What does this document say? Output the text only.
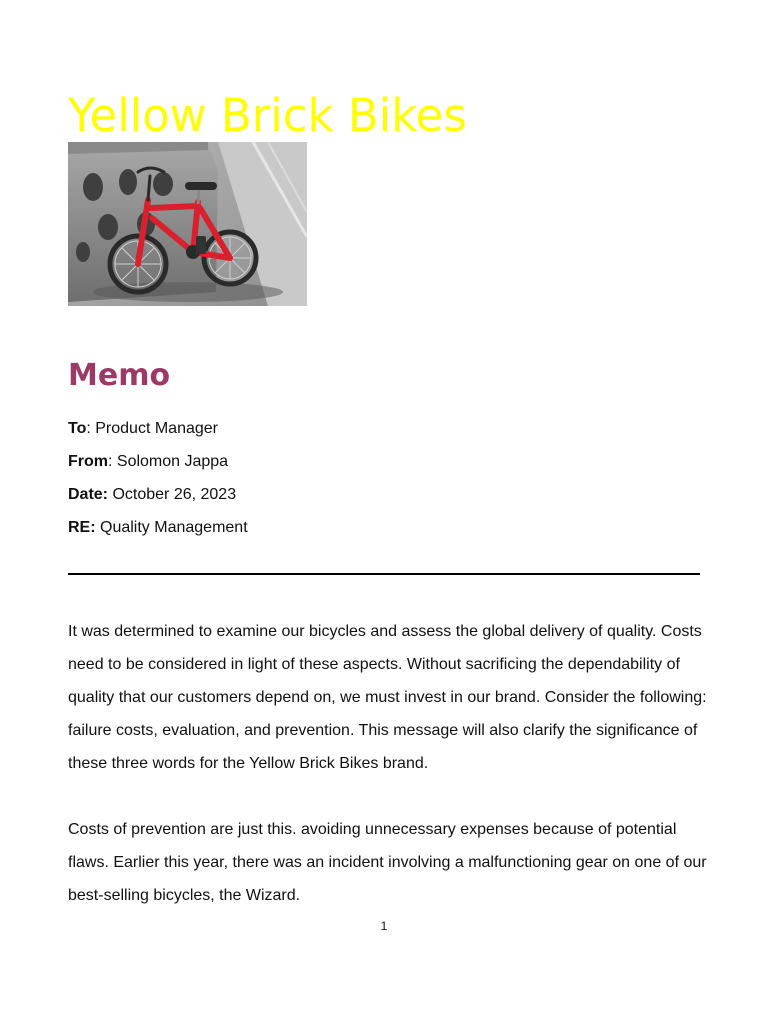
Yellow Brick Bikes
Memo
To: Product Manager
From: Solomon Jappa
Date: October 26, 2023
RE: Quality Management

It was determined to examine our bicycles and assess the global delivery of quality. Costs need to be considered in light of these aspects. Without sacrificing the dependability of quality that our customers depend on, we must invest in our brand. Consider the following: failure costs, evaluation, and prevention. This message will also clarify the significance of these three words for the Yellow Brick Bikes brand.

Costs of prevention are just this. avoiding unnecessary expenses because of potential flaws. Earlier this year, there was an incident involving a malfunctioning gear on one of our best-selling bicycles, the Wizard.

1
